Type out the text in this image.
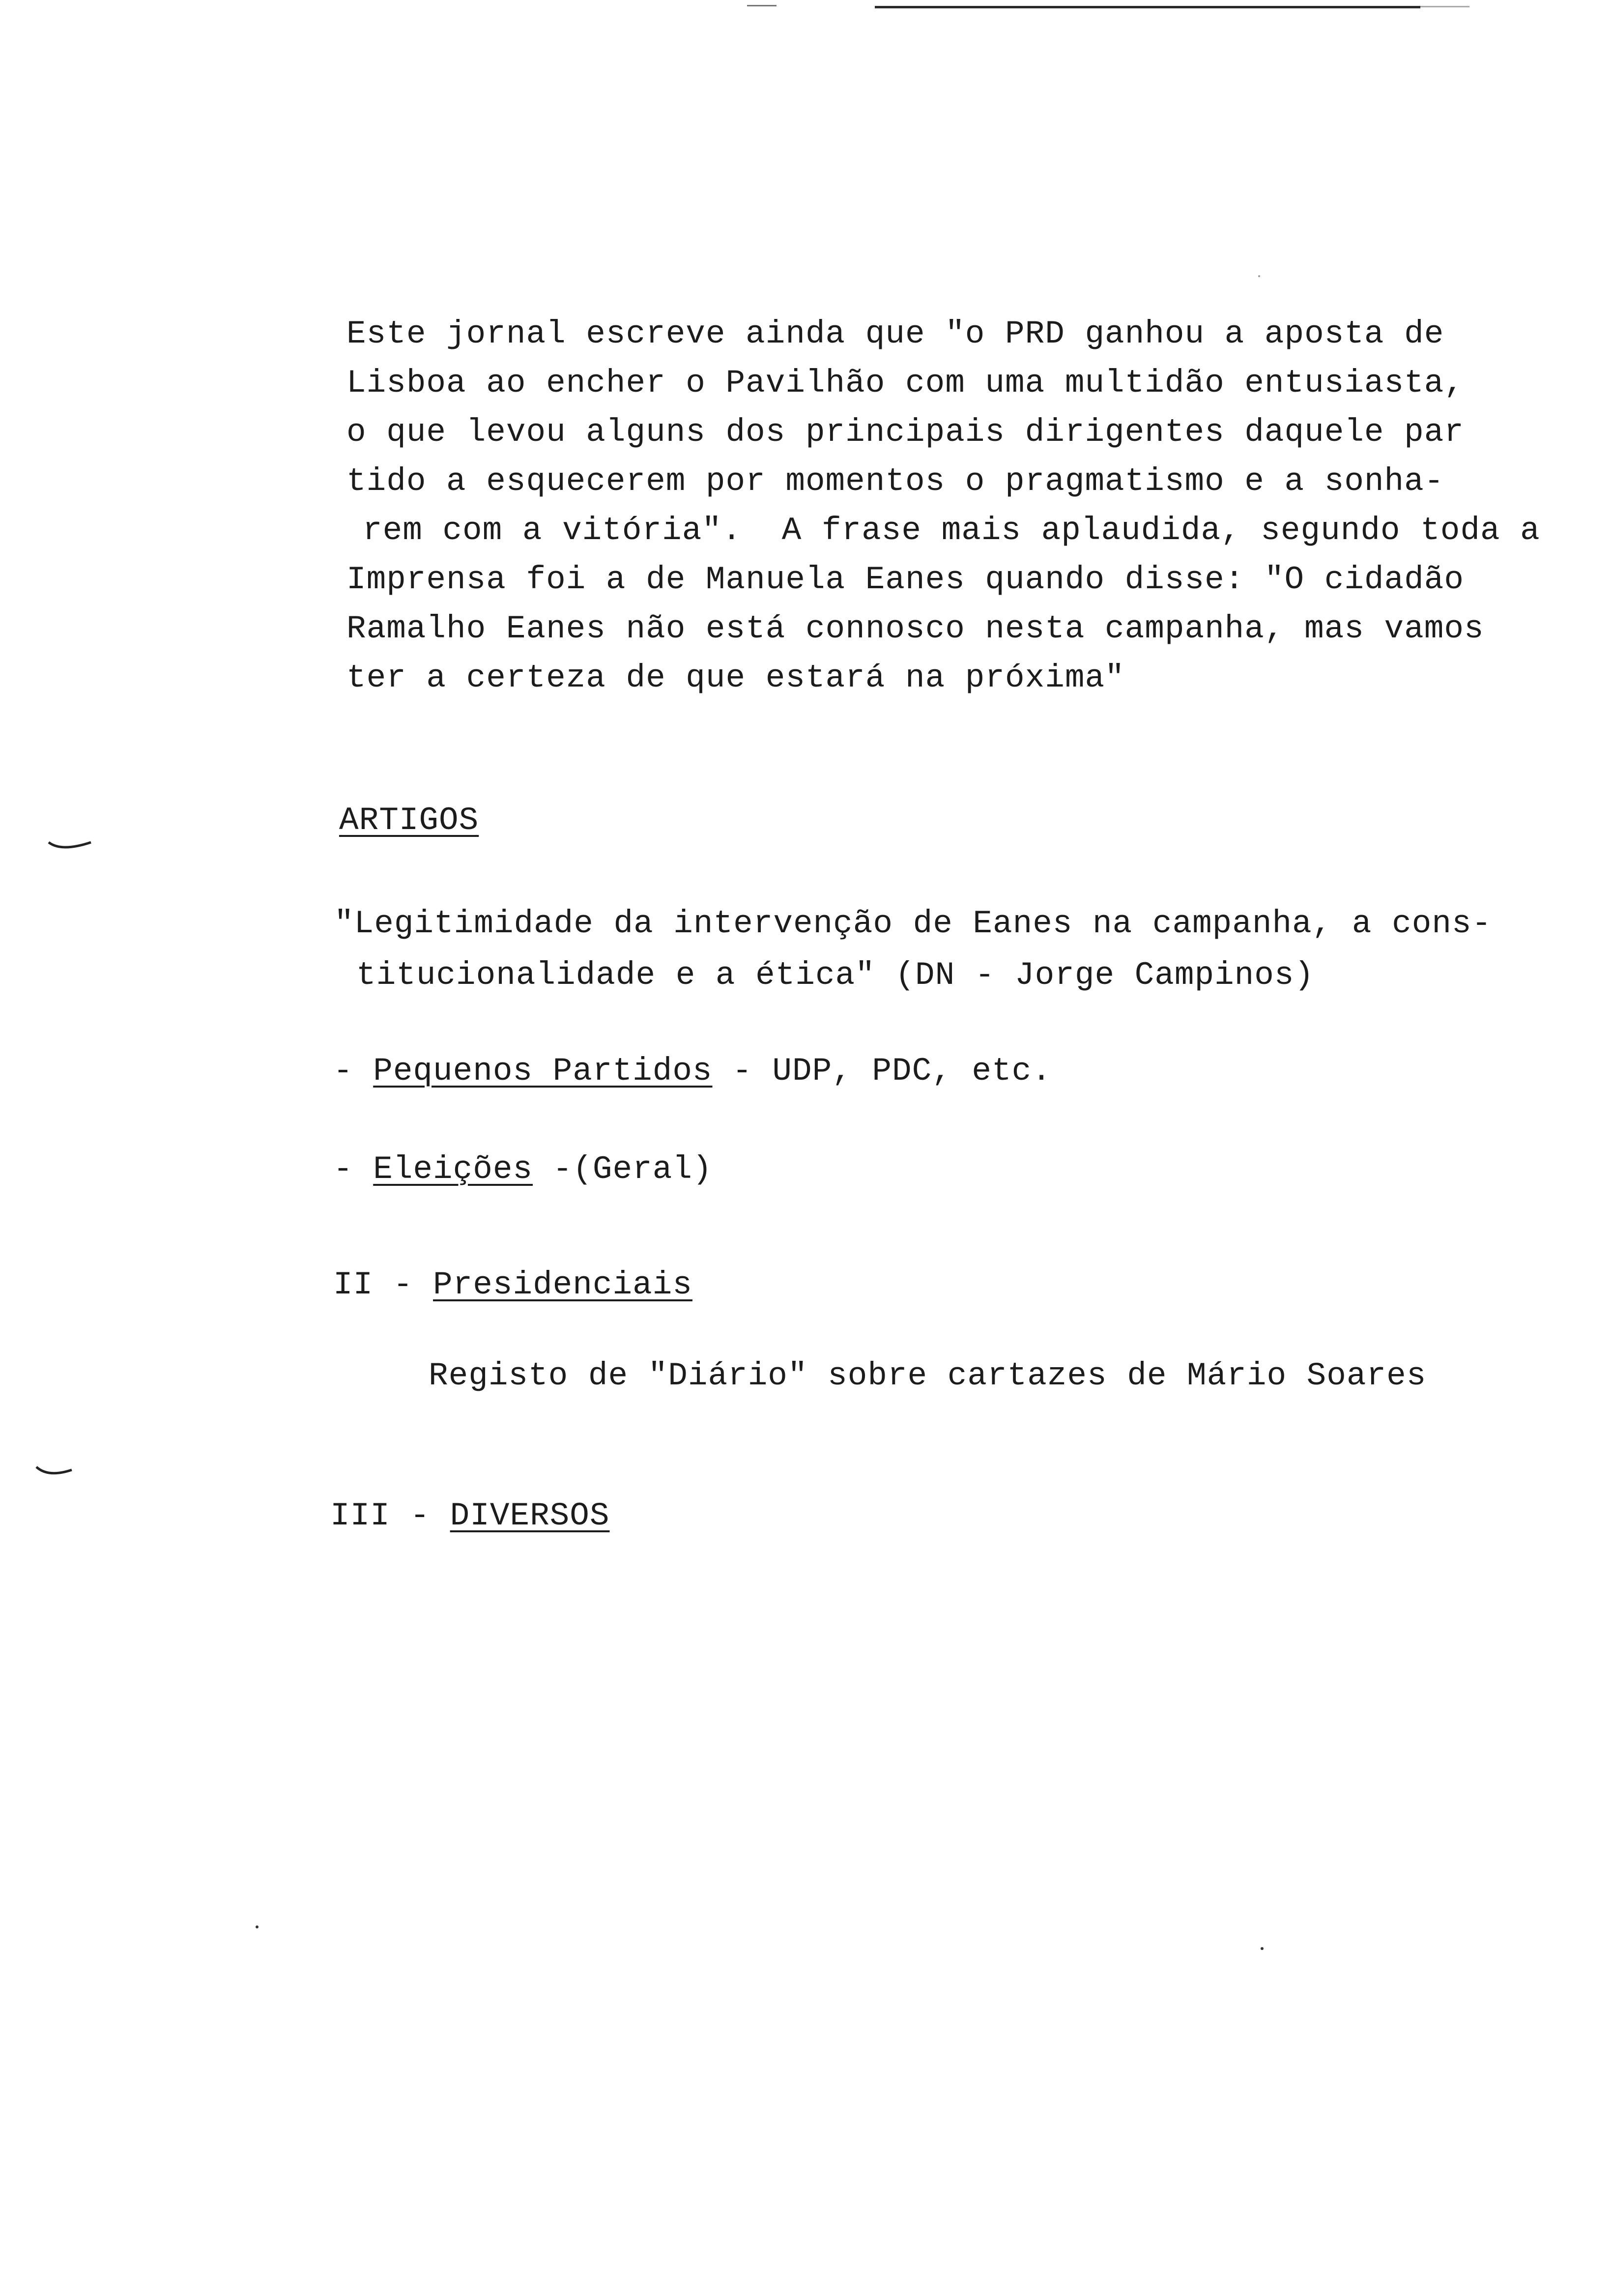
Este jornal escreve ainda que "o PRD ganhou a aposta de
Lisboa ao encher o Pavilhão com uma multidão entusiasta,
o que levou alguns dos principais dirigentes daquele par
tido a esquecerem por momentos o pragmatismo e a sonha-
rem com a vitória".  A frase mais aplaudida, segundo toda a
Imprensa foi a de Manuela Eanes quando disse: "O cidadão
Ramalho Eanes não está connosco nesta campanha, mas vamos
ter a certeza de que estará na próxima"
ARTIGOS
"Legitimidade da intervenção de Eanes na campanha, a cons-
titucionalidade e a ética" (DN - Jorge Campinos)
- Pequenos Partidos - UDP, PDC, etc.
- Eleições -(Geral)
II - Presidenciais
Registo de "Diário" sobre cartazes de Mário Soares
III - DIVERSOS
